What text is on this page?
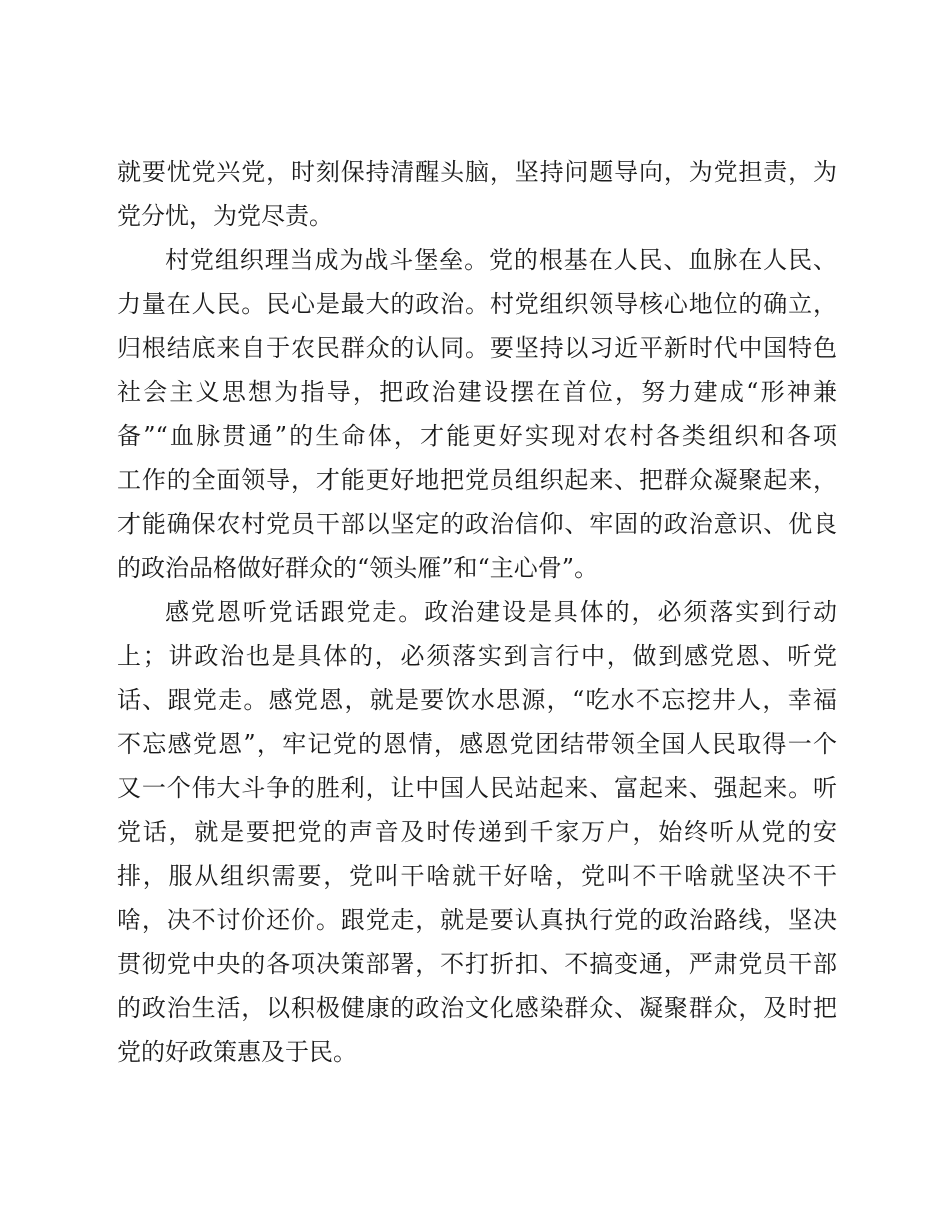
就要忧党兴党，时刻保持清醒头脑，坚持问题导向，为党担责，为
党分忧，为党尽责。
村党组织理当成为战斗堡垒。党的根基在人民、血脉在人民、
力量在人民。民心是最大的政治。村党组织领导核心地位的确立，
归根结底来自于农民群众的认同。要坚持以习近平新时代中国特色
社会主义思想为指导，把政治建设摆在首位，努力建成“形神兼
备”“血脉贯通”的生命体，才能更好实现对农村各类组织和各项
工作的全面领导，才能更好地把党员组织起来、把群众凝聚起来，
才能确保农村党员干部以坚定的政治信仰、牢固的政治意识、优良
的政治品格做好群众的“领头雁”和“主心骨”。
感党恩听党话跟党走。政治建设是具体的，必须落实到行动
上；讲政治也是具体的，必须落实到言行中，做到感党恩、听党
话、跟党走。感党恩，就是要饮水思源，“吃水不忘挖井人，幸福
不忘感党恩”，牢记党的恩情，感恩党团结带领全国人民取得一个
又一个伟大斗争的胜利，让中国人民站起来、富起来、强起来。听
党话，就是要把党的声音及时传递到千家万户，始终听从党的安
排，服从组织需要，党叫干啥就干好啥，党叫不干啥就坚决不干
啥，决不讨价还价。跟党走，就是要认真执行党的政治路线，坚决
贯彻党中央的各项决策部署，不打折扣、不搞变通，严肃党员干部
的政治生活，以积极健康的政治文化感染群众、凝聚群众，及时把
党的好政策惠及于民。
